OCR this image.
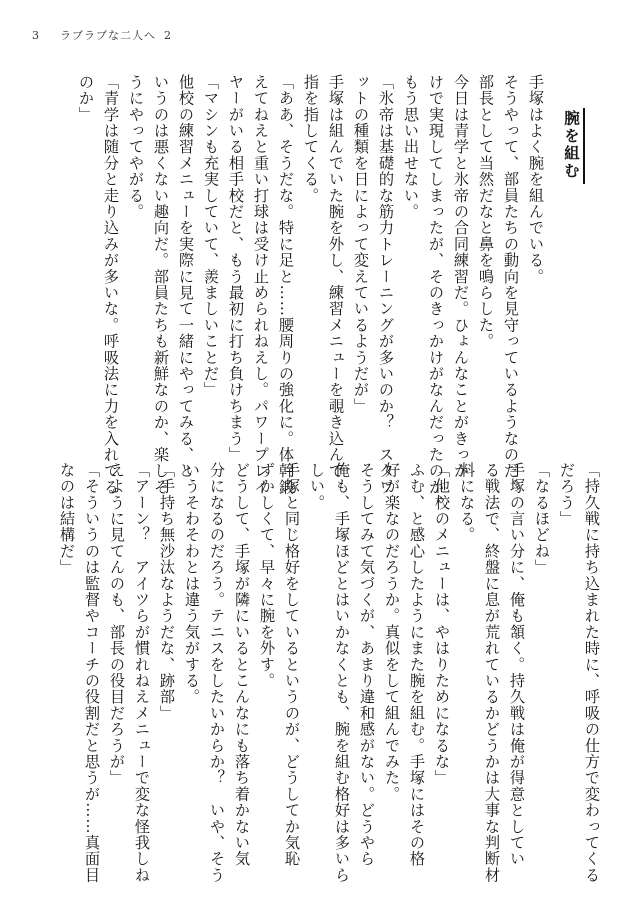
3 ラブラブな二人へ 2
腕を組む
手塚はよく腕を組んでいる。
そうやって、部員たちの動向を見守っているようなのだ。
部長として当然だなと鼻を鳴らした。
今日は青学と氷帝の合同練習だ。ひょんなことがきっか
けで実現してしまったが、そのきっかけがなんだったのか、
もう思い出せない。
「氷帝は基礎的な筋力トレーニングが多いのか？　スクワ
ットの種類を日によって変えているようだが」
手塚は組んでいた腕を外し、練習メニューを覗き込んで
指を指してくる。
「ああ、そうだな。特に足と……腰周りの強化に。体幹鍛
えてねえと重い打球は受け止められねえし。パワープレイ
ヤーがいる相手校だと、もう最初に打ち負けちまう」
「マシンも充実していて、羨ましいことだ」
他校の練習メニューを実際に見て一緒にやってみる、と
いうのは悪くない趣向だ。部員たちも新鮮なのか、楽しそ
うにやってやがる。
「青学は随分と走り込みが多いな。呼吸法に力を入れてる
のか」
「持久戦に持ち込まれた時に、呼吸の仕方で変わってくる
だろう」
「なるほどね」
手塚の言い分に、俺も頷く。持久戦は俺が得意としてい
る戦法で、終盤に息が荒れているかどうかは大事な判断材
料になる。
「他校のメニューは、やはりためになるな」
ふむ、と感心したようにまた腕を組む。手塚にはその格
好が楽なのだろうか。真似をして組んでみた。
そうしてみて気づくが、あまり違和感がない。どうやら
俺も、手塚ほどとはいかなくとも、腕を組む格好は多いら
しい。
手塚と同じ格好をしているというのが、どうしてか気恥
ずかしくて、早々に腕を外す。
どうして、手塚が隣にいるとこんなにも落ち着かない気
分になるのだろう。テニスをしたいからか？　いや、そう
いうそわそわとは違う気がする。
「手持ち無沙汰なようだな、跡部」
「アーン？　アイツらが慣れねえメニューで変な怪我しね
えように見てんのも、部長の役目だろうが」
「そういうのは監督やコーチの役割だと思うが……真面目
なのは結構だ」
